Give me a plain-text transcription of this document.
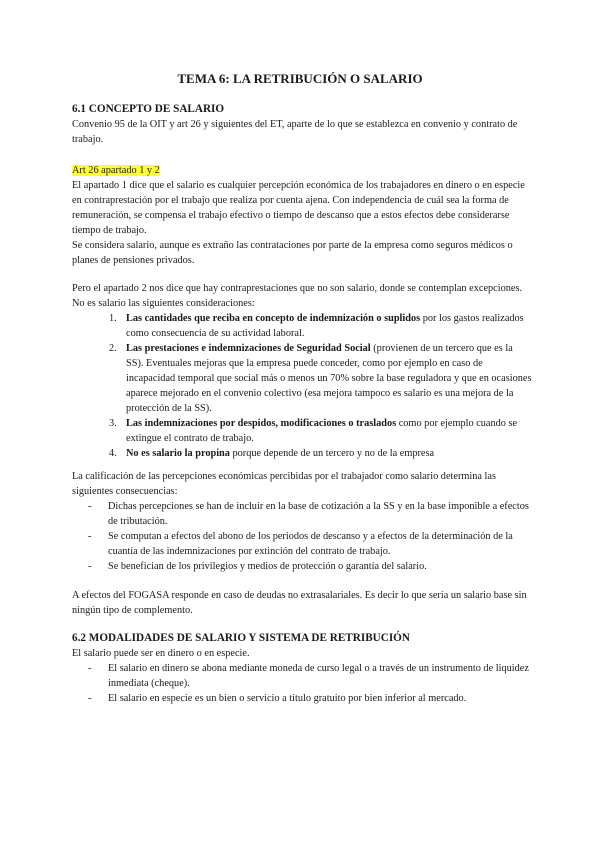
TEMA 6: LA RETRIBUCIÓN O SALARIO
6.1 CONCEPTO DE SALARIO

Convenio 95 de la OIT y art 26 y siguientes del ET, aparte de lo que se establezca en convenio y contrato de trabajo.

Art 26 apartado 1 y 2

El apartado 1 dice que el salario es cualquier percepción económica de los trabajadores en dinero o en especie en contraprestación por el trabajo que realiza por cuenta ajena. Con independencia de cuál sea la forma de remuneración, se compensa el trabajo efectivo o tiempo de descanso que a estos efectos debe considerarse tiempo de trabajo.

Se considera salario, aunque es extraño las contrataciones por parte de la empresa como seguros médicos o planes de pensiones privados.

Pero el apartado 2 nos dice que hay contraprestaciones que no son salario, donde se contemplan excepciones. No es salario las siguientes consideraciones:

1. Las cantidades que reciba en concepto de indemnización o suplidos por los gastos realizados como consecuencia de su actividad laboral.
2. Las prestaciones e indemnizaciones de Seguridad Social (provienen de un tercero que es la SS). Eventuales mejoras que la empresa puede conceder, como por ejemplo en caso de incapacidad temporal que social más o menos un 70% sobre la base reguladora y que en ocasiones aparece mejorado en el convenio colectivo (esa mejora tampoco es salario es una mejora de la protección de la SS).
3. Las indemnizaciones por despidos, modificaciones o traslados como por ejemplo cuando se extingue el contrato de trabajo.
4. No es salario la propina porque depende de un tercero y no de la empresa

La calificación de las percepciones económicas percibidas por el trabajador como salario determina las siguientes consecuencias:

- Dichas percepciones se han de incluir en la base de cotización a la SS y en la base imponible a efectos de tributación.
- Se computan a efectos del abono de los periodos de descanso y a efectos de la determinación de la cuantía de las indemnizaciones por extinción del contrato de trabajo.
- Se benefician de los privilegios y medios de protección o garantía del salario.

A efectos del FOGASA responde en caso de deudas no extrasalariales. Es decir lo que sería un salario base sin ningún tipo de complemento.

6.2 MODALIDADES DE SALARIO Y SISTEMA DE RETRIBUCIÓN

El salario puede ser en dinero o en especie.

- El salario en dinero se abona mediante moneda de curso legal o a través de un instrumento de liquidez inmediata (cheque).
- El salario en especie es un bien o servicio a título gratuito por bien inferior al mercado.
